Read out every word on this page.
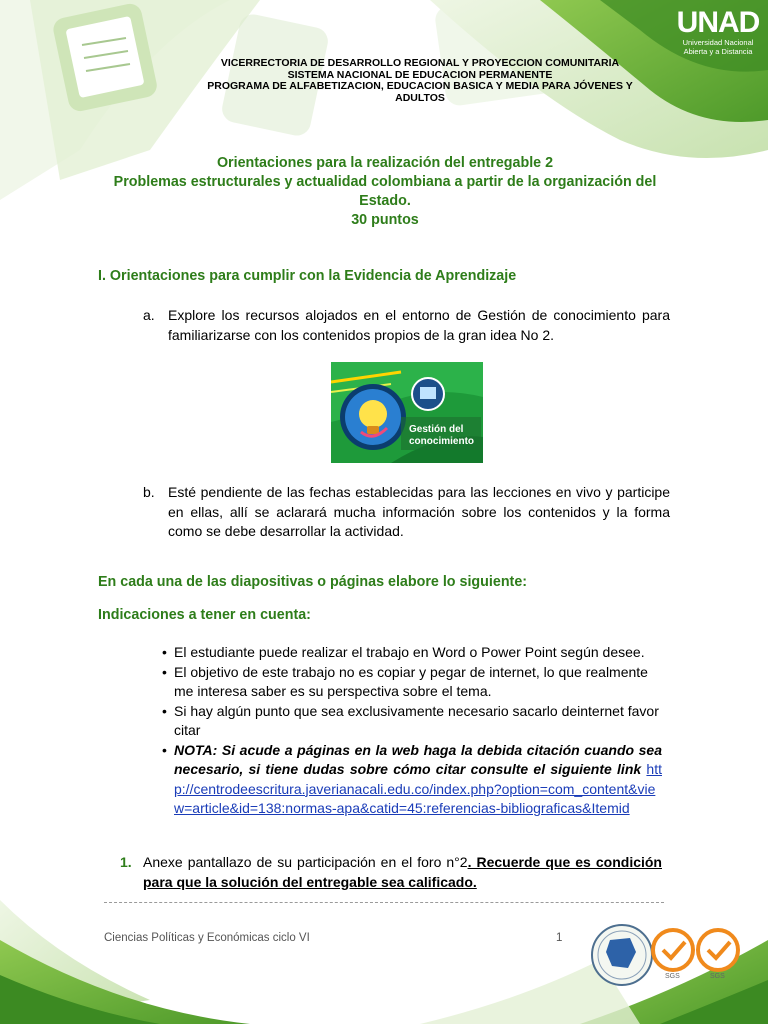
SGS	SGS
UNAD
Universidad Nacional
Abierta y a Distancia
VICERRECTORIA DE DESARROLLO REGIONAL Y PROYECCION COMUNITARIA
SISTEMA NACIONAL DE EDUCACION PERMANENTE
PROGRAMA DE ALFABETIZACION, EDUCACION BASICA Y MEDIA PARA JÓVENES Y
ADULTOS
Orientaciones para la realización del entregable 2
Problemas estructurales y actualidad colombiana a partir de la organización del
Estado.
30 puntos
I. Orientaciones para cumplir con la Evidencia de Aprendizaje
a. Explore los recursos alojados en el entorno de Gestión de conocimiento para familiarizarse con los contenidos propios de la gran idea No 2.
Gestión del
conocimiento
b. Esté pendiente de las fechas establecidas para las lecciones en vivo y participe en ellas, allí se aclarará mucha información sobre los contenidos y la forma como se debe desarrollar la actividad.
En cada una de las diapositivas o páginas elabore lo siguiente:
Indicaciones a tener en cuenta:
• El estudiante puede realizar el trabajo en Word o Power Point según desee.
• El objetivo de este trabajo no es copiar y pegar de internet, lo que realmente me interesa saber es su perspectiva sobre el tema.
• Si hay algún punto que sea exclusivamente necesario sacarlo deinternet favor citar
• NOTA: Si acude a páginas en la web haga la debida citación cuando sea necesario, si tiene dudas sobre cómo citar consulte el siguiente link http://centrodeescritura.javerianacali.edu.co/index.php?option=com_content&view=article&id=138:normas-apa&catid=45:referencias-bibliograficas&Itemid
1. Anexe pantallazo de su participación en el foro n°2. Recuerde que es condición para que la solución del entregable sea calificado.
Ciencias Políticas y Económicas ciclo VI	1
